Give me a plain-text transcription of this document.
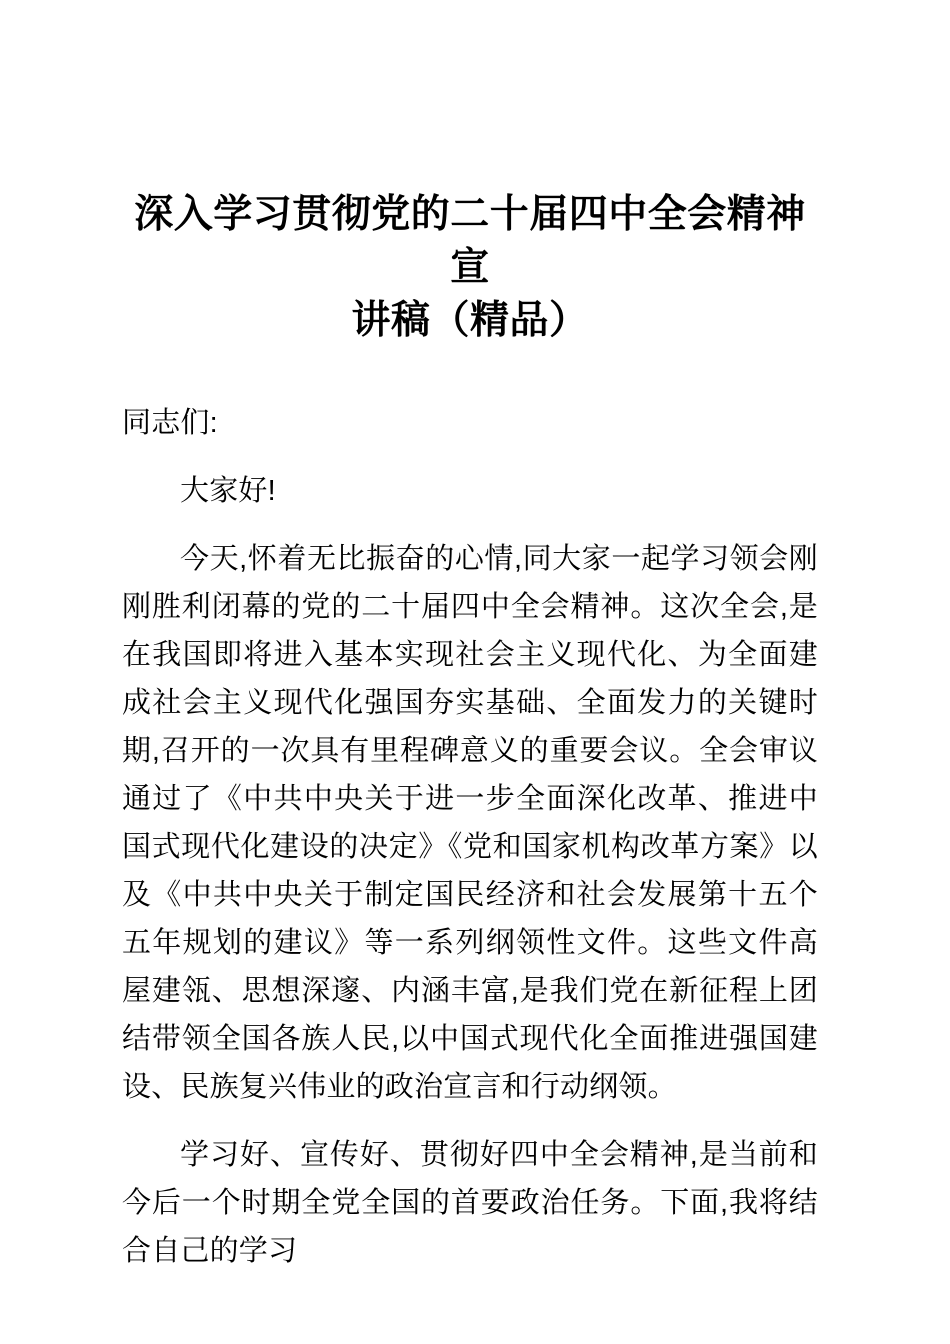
深入学习贯彻党的二十届四中全会精神宣
讲稿（精品）

同志们:

大家好!

今天,怀着无比振奋的心情,同大家一起学习领会刚刚胜利闭幕的党的二十届四中全会精神。这次全会,是在我国即将进入基本实现社会主义现代化、为全面建成社会主义现代化强国夯实基础、全面发力的关键时期,召开的一次具有里程碑意义的重要会议。全会审议通过了《中共中央关于进一步全面深化改革、推进中国式现代化建设的决定》《党和国家机构改革方案》以及《中共中央关于制定国民经济和社会发展第十五个五年规划的建议》等一系列纲领性文件。这些文件高屋建瓴、思想深邃、内涵丰富,是我们党在新征程上团结带领全国各族人民,以中国式现代化全面推进强国建设、民族复兴伟业的政治宣言和行动纲领。

学习好、宣传好、贯彻好四中全会精神,是当前和今后一个时期全党全国的首要政治任务。下面,我将结合自己的学习
